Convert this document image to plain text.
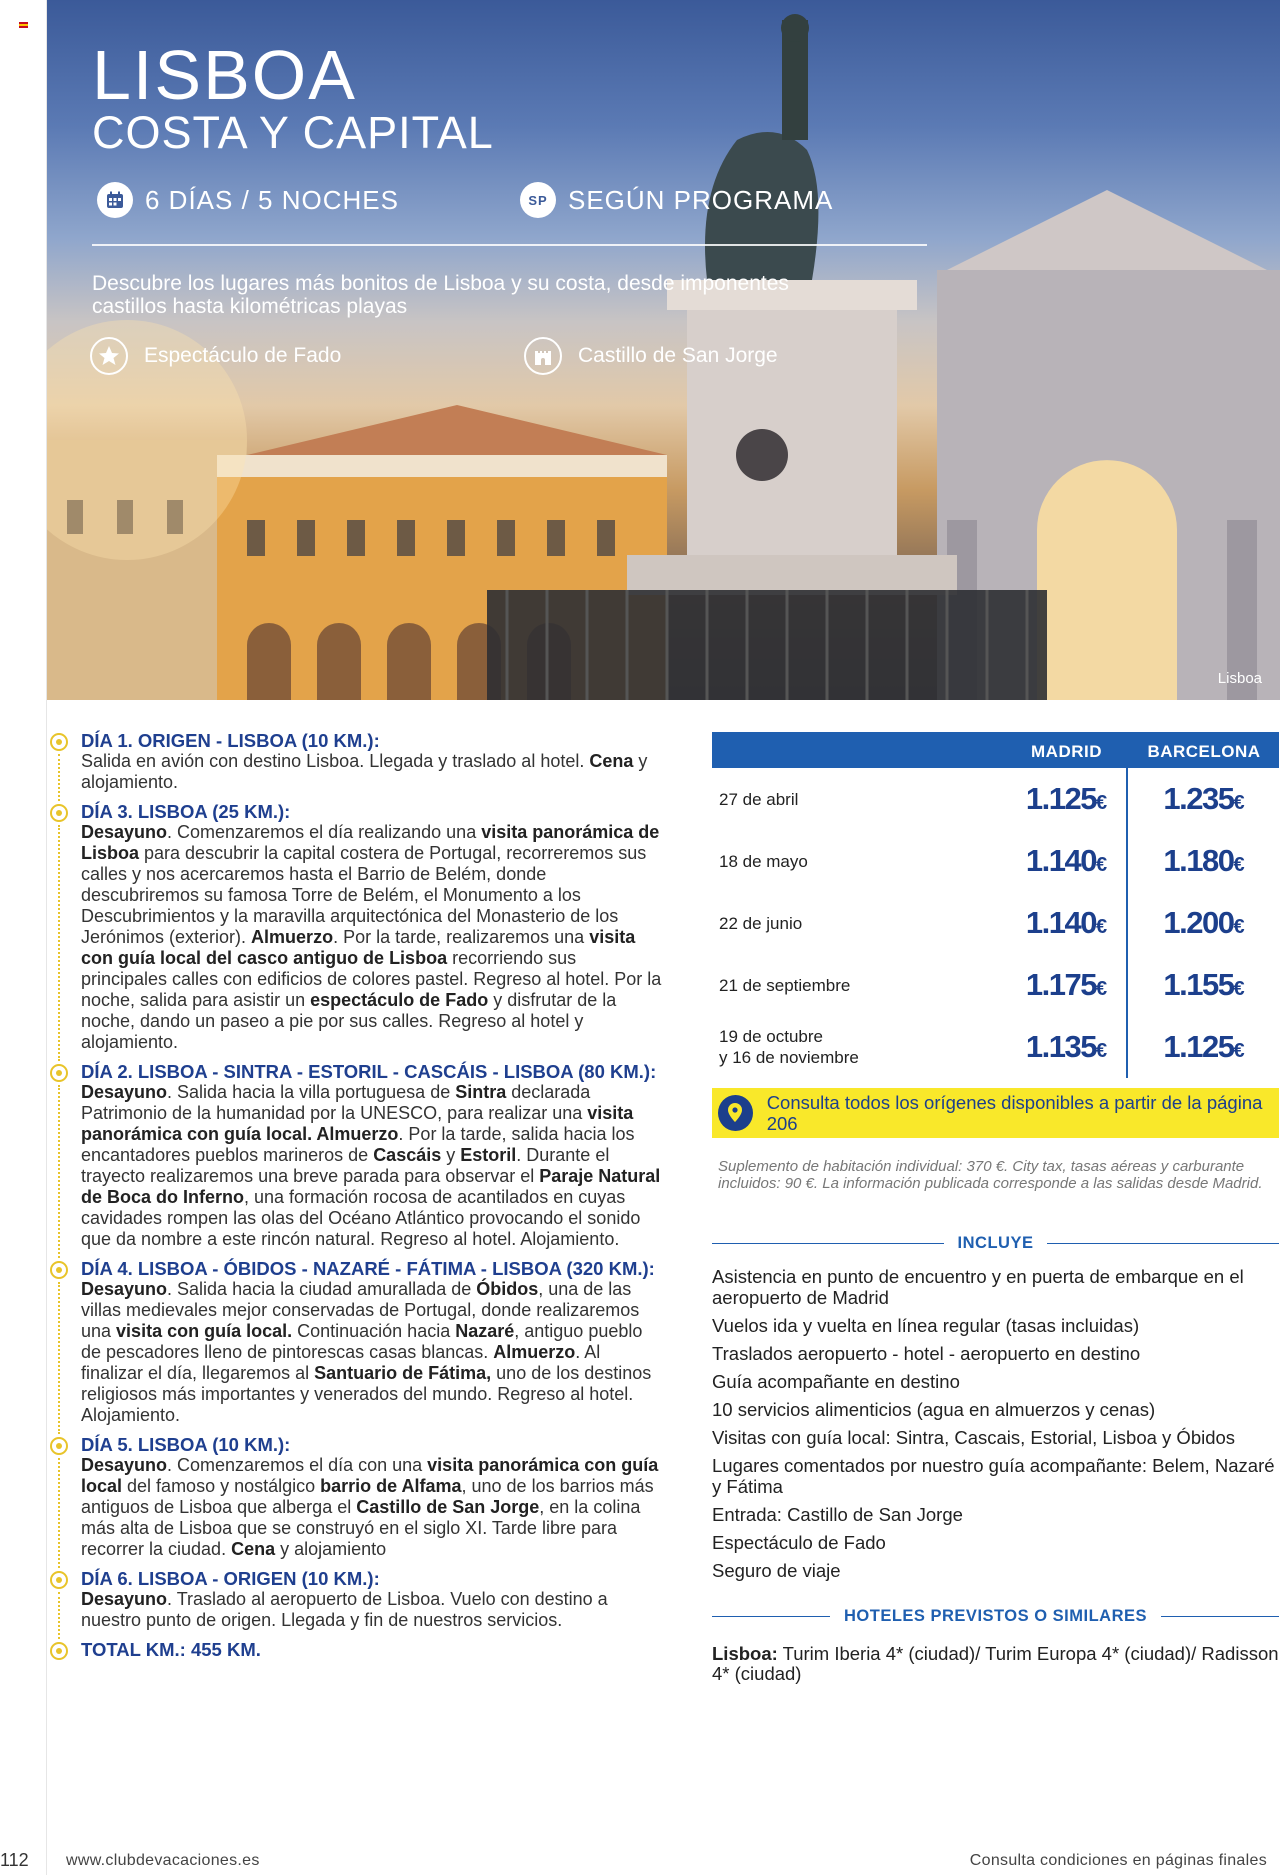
LISBOA
COSTA Y CAPITAL
6 DÍAS / 5 NOCHES	SP SEGÚN PROGRAMA

Descubre los lugares más bonitos de Lisboa y su costa, desde imponentes castillos hasta kilométricas playas

Espectáculo de Fado	Castillo de San Jorge
Lisboa
DÍA 1. ORIGEN - LISBOA (10 KM.):
Salida en avión con destino Lisboa. Llegada y traslado al hotel. Cena y alojamiento.
DÍA 3. LISBOA (25 KM.):
Desayuno. Comenzaremos el día realizando una visita panorámica de Lisboa para descubrir la capital costera de Portugal, recorreremos sus calles y nos acercaremos hasta el Barrio de Belém, donde descubriremos su famosa Torre de Belém, el Monumento a los Descubrimientos y la maravilla arquitectónica del Monasterio de los Jerónimos (exterior). Almuerzo. Por la tarde, realizaremos una visita con guía local del casco antiguo de Lisboa recorriendo sus principales calles con edificios de colores pastel. Regreso al hotel. Por la noche, salida para asistir un espectáculo de Fado y disfrutar de la noche, dando un paseo a pie por sus calles. Regreso al hotel y alojamiento.
DÍA 2. LISBOA - SINTRA - ESTORIL - CASCÁIS - LISBOA (80 KM.):
Desayuno. Salida hacia la villa portuguesa de Sintra declarada Patrimonio de la humanidad por la UNESCO, para realizar una visita panorámica con guía local. Almuerzo. Por la tarde, salida hacia los encantadores pueblos marineros de Cascáis y Estoril. Durante el trayecto realizaremos una breve parada para observar el Paraje Natural de Boca do Inferno, una formación rocosa de acantilados en cuyas cavidades rompen las olas del Océano Atlántico provocando el sonido que da nombre a este rincón natural. Regreso al hotel. Alojamiento.
DÍA 4. LISBOA - ÓBIDOS - NAZARÉ - FÁTIMA - LISBOA (320 KM.):
Desayuno. Salida hacia la ciudad amurallada de Óbidos, una de las villas medievales mejor conservadas de Portugal, donde realizaremos una visita con guía local. Continuación hacia Nazaré, antiguo pueblo de pescadores lleno de pintorescas casas blancas. Almuerzo. Al finalizar el día, llegaremos al Santuario de Fátima, uno de los destinos religiosos más importantes y venerados del mundo. Regreso al hotel. Alojamiento.
DÍA 5. LISBOA (10 KM.):
Desayuno. Comenzaremos el día con una visita panorámica con guía local del famoso y nostálgico barrio de Alfama, uno de los barrios más antiguos de Lisboa que alberga el Castillo de San Jorge, en la colina más alta de Lisboa que se construyó en el siglo XI. Tarde libre para recorrer la ciudad. Cena y alojamiento
DÍA 6. LISBOA - ORIGEN (10 KM.):
Desayuno. Traslado al aeropuerto de Lisboa. Vuelo con destino a nuestro punto de origen. Llegada y fin de nuestros servicios.
TOTAL KM.: 455 KM.
MADRID	BARCELONA
27 de abril	1.125€	1.235€
18 de mayo	1.140€	1.180€
22 de junio	1.140€	1.200€
21 de septiembre	1.175€	1.155€
19 de octubre
y 16 de noviembre	1.135€	1.125€
Consulta todos los orígenes disponibles a partir de la página 206

Suplemento de habitación individual: 370 €. City tax, tasas aéreas y carburante incluidos: 90 €. La información publicada corresponde a las salidas desde Madrid.

INCLUYE
Asistencia en punto de encuentro y en puerta de embarque en el aeropuerto de Madrid
Vuelos ida y vuelta en línea regular (tasas incluidas)
Traslados aeropuerto - hotel - aeropuerto en destino
Guía acompañante en destino
10 servicios alimenticios (agua en almuerzos y cenas)
Visitas con guía local: Sintra, Cascais, Estorial, Lisboa y Óbidos
Lugares comentados por nuestro guía acompañante: Belem, Nazaré y Fátima
Entrada: Castillo de San Jorge
Espectáculo de Fado
Seguro de viaje
HOTELES PREVISTOS O SIMILARES

Lisboa: Turim Iberia 4* (ciudad)/ Turim Europa 4* (ciudad)/ Radisson 4* (ciudad)

112 www.clubdevacaciones.es	Consulta condiciones en páginas finales
